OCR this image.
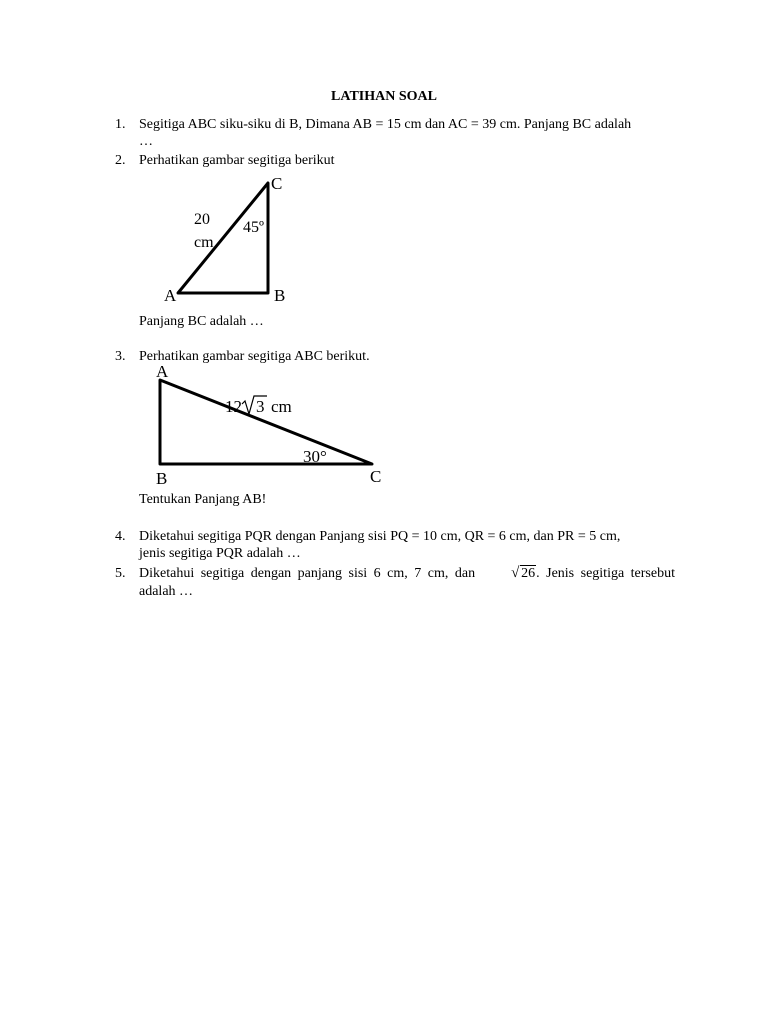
LATIHAN SOAL
1. Segitiga ABC siku-siku di B, Dimana AB = 15 cm dan AC = 39 cm. Panjang BC adalah
…
2. Perhatikan gambar segitiga berikut
C
A	B
20
cm
45º
Panjang BC adalah …
3. Perhatikan gambar segitiga ABC berikut.
A
B	C
12 3 cm
30°
Tentukan Panjang AB!
4. Diketahui segitiga PQR dengan Panjang sisi PQ = 10 cm, QR = 6 cm, dan PR = 5 cm,
jenis segitiga PQR adalah …
5. Diketahui segitiga dengan panjang sisi 6 cm, 7 cm, dan √ 26. Jenis segitiga tersebut
adalah …
